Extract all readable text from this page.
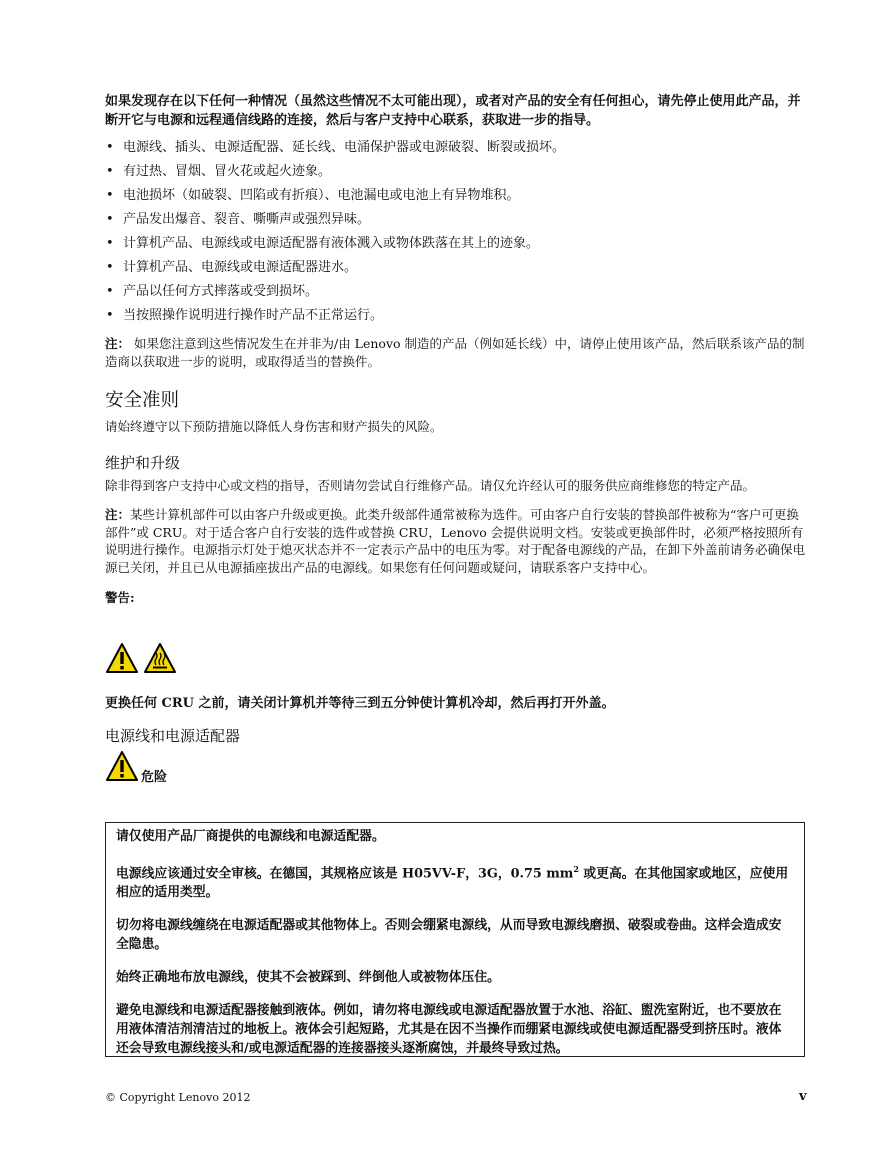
如果发现存在以下任何一种情况（虽然这些情况不太可能出现），或者对产品的安全有任何担心，请先停止使用此产品，并断开它与电源和远程通信线路的连接，然后与客户支持中心联系，获取进一步的指导。

• 电源线、插头、电源适配器、延长线、电涌保护器或电源破裂、断裂或损坏。
• 有过热、冒烟、冒火花或起火迹象。
• 电池损坏（如破裂、凹陷或有折痕）、电池漏电或电池上有异物堆积。
• 产品发出爆音、裂音、嘶嘶声或强烈异味。
• 计算机产品、电源线或电源适配器有液体溅入或物体跌落在其上的迹象。
• 计算机产品、电源线或电源适配器进水。
• 产品以任何方式摔落或受到损坏。
• 当按照操作说明进行操作时产品不正常运行。

注： 如果您注意到这些情况发生在并非为/由 Lenovo 制造的产品（例如延长线）中，请停止使用该产品，然后联系该产品的制造商以获取进一步的说明，或取得适当的替换件。

安全准则

请始终遵守以下预防措施以降低人身伤害和财产损失的风险。

维护和升级

除非得到客户支持中心或文档的指导，否则请勿尝试自行维修产品。请仅允许经认可的服务供应商维修您的特定产品。

注：某些计算机部件可以由客户升级或更换。此类升级部件通常被称为选件。可由客户自行安装的替换部件被称为“客户可更换部件”或 CRU。对于适合客户自行安装的选件或替换 CRU，Lenovo 会提供说明文档。安装或更换部件时，必须严格按照所有说明进行操作。电源指示灯处于熄灭状态并不一定表示产品中的电压为零。对于配备电源线的产品，在卸下外盖前请务必确保电源已关闭，并且已从电源插座拔出产品的电源线。如果您有任何问题或疑问，请联系客户支持中心。

警告:

更换任何 CRU 之前，请关闭计算机并等待三到五分钟使计算机冷却，然后再打开外盖。

电源线和电源适配器
危险

请仅使用产品厂商提供的电源线和电源适配器。

电源线应该通过安全审核。在德国，其规格应该是 H05VV-F，3G，0.75 $mm^2$ 或更高。在其他国家或地区，应使用相应的适用类型。

切勿将电源线缠绕在电源适配器或其他物体上。否则会绷紧电源线，从而导致电源线磨损、破裂或卷曲。这样会造成安全隐患。

始终正确地布放电源线，使其不会被踩到、绊倒他人或被物体压住。

避免电源线和电源适配器接触到液体。例如，请勿将电源线或电源适配器放置于水池、浴缸、盥洗室附近，也不要放在用液体清洁剂清洁过的地板上。液体会引起短路，尤其是在因不当操作而绷紧电源线或使电源适配器受到挤压时。液体还会导致电源线接头和/或电源适配器的连接器接头逐渐腐蚀，并最终导致过热。

© Copyright Lenovo 2012	v
